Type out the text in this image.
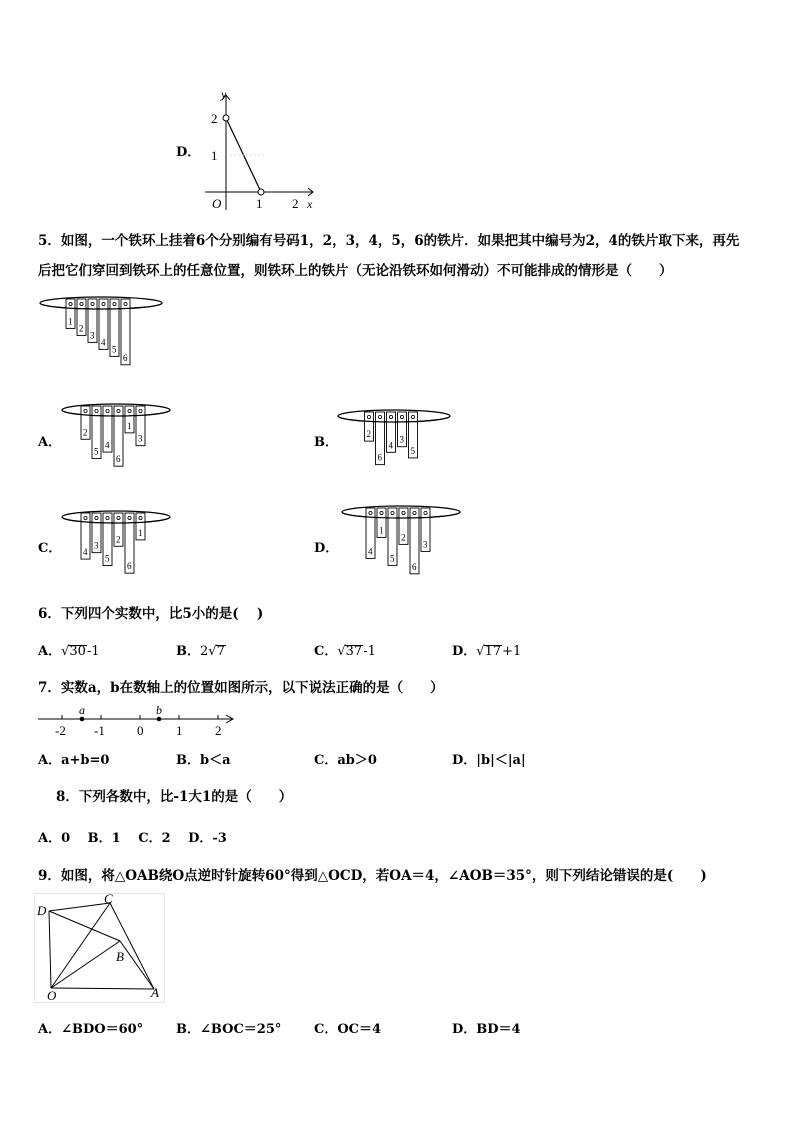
D．
y
x
O	1 2
1
2
5．如图，一个铁环上挂着6个分别编有号码1，2，3，4，5，6的铁片．如果把其中编号为2，4的铁片取下来，再先
后把它们穿回到铁环上的任意位置，则铁环上的铁片（无论沿铁环如何滑动）不可能排成的情形是（　　）
1
2
3
4
5
6
A．
2
5
4
6
1
3	B．
2
6
4
3
5
C． 4
3
5
2
6
1
D．	4
1
5
2
6
3
6．下列四个实数中，比5小的是(　 )
A．√30-1	B．2√7	C．√37-1	D．√17+1
7．实数a，b在数轴上的位置如图所示，以下说法正确的是（　　）
-2 -1 0	1	2
a	b
A．a+b=0	B．b＜a	C．ab＞0	D．|b|＜|a|
8．下列各数中，比-1大1的是（　　）
A．0　 B．1　 C．2　 D．-3
9．如图，将△OAB绕O点逆时针旋转60°得到△OCD，若OA＝4，∠AOB＝35°，则下列结论错误的是(　　)
D
C
B
O	A
A．∠BDO＝60°	B．∠BOC＝25°	C．OC＝4	D．BD＝4
